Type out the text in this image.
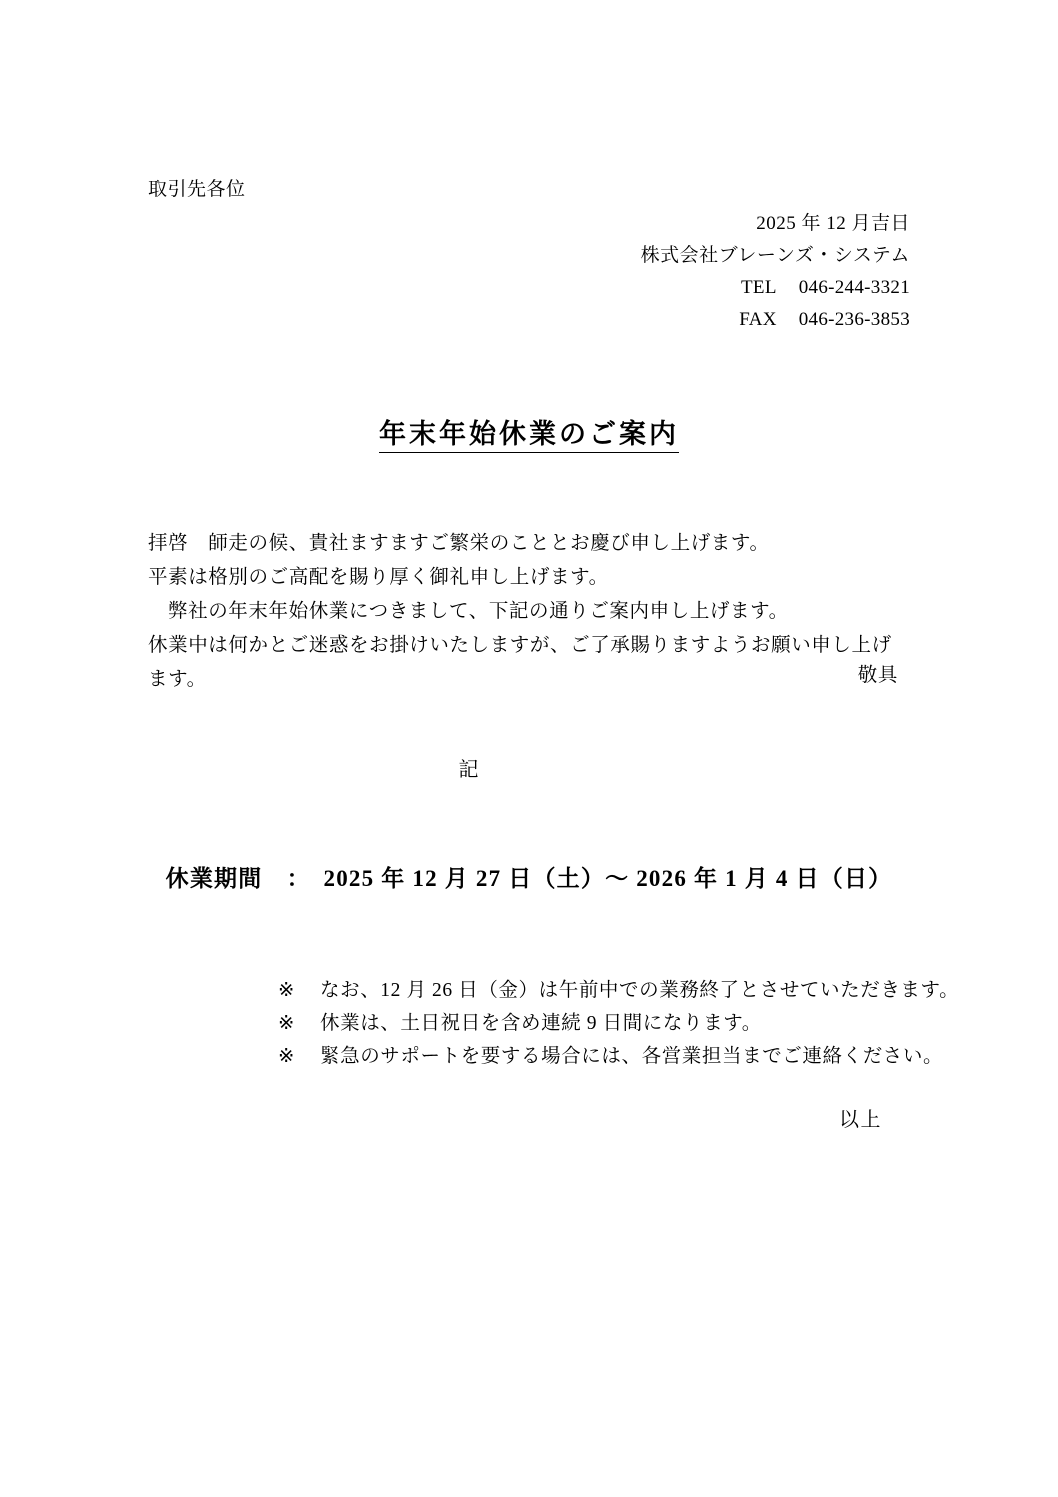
取引先各位
2025 年 12 月吉日
株式会社ブレーンズ・システム
TEL 046-244-3321
FAX 046-236-3853
年末年始休業のご案内
拝啓　師走の候、貴社ますますご繁栄のこととお慶び申し上げます。
平素は格別のご高配を賜り厚く御礼申し上げます。
弊社の年末年始休業につきまして、下記の通りご案内申し上げます。
休業中は何かとご迷惑をお掛けいたしますが、ご了承賜りますようお願い申し上げます。	敬具
記
休業期間　：　2025 年 12 月 27 日（土）〜 2026 年 1 月 4 日（日）
※ なお、12 月 26 日（金）は午前中での業務終了とさせていただきます。
※ 休業は、土日祝日を含め連続 9 日間になります。
※ 緊急のサポートを要する場合には、各営業担当までご連絡ください。
以上
